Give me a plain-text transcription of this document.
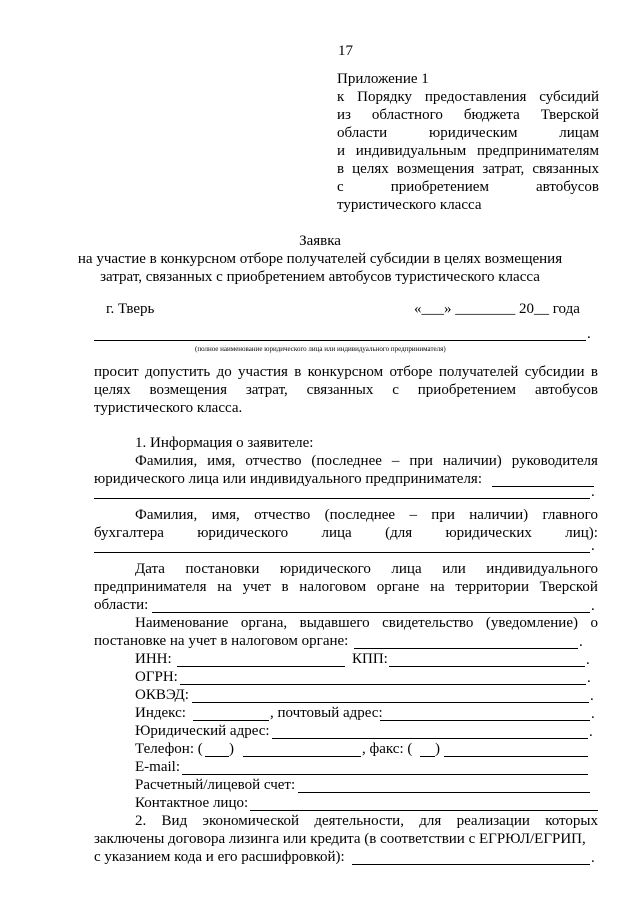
17
Приложение 1
к Порядку предоставления субсидий
из областного бюджета Тверской
области	юридическим	лицам
и индивидуальным предпринимателям
в целях возмещения затрат, связанных
с	приобретением	автобусов
туристического класса
Заявка
на участие в конкурсном отборе получателей субсидии в целях возмещения
затрат, связанных с приобретением автобусов туристического класса
г. Тверь	«___» ________ 20__ года
.
(полное наименование юридического лица или индивидуального предпринимателя)
просит допустить до участия в конкурсном отборе получателей субсидии в
целях возмещения затрат, связанных с приобретением автобусов
туристического класса.
1. Информация о заявителе:
Фамилия, имя, отчество (последнее – при наличии) руководителя
юридического лица или индивидуального предпринимателя:
.
Фамилия, имя, отчество (последнее – при наличии) главного
бухгалтера юридического лица (для юридических лиц):
.
Дата постановки юридического лица или индивидуального
предпринимателя на учет в налоговом органе на территории Тверской
области:	.
Наименование органа, выдавшего свидетельство (уведомление) о
постановке на учет в налоговом органе:	.
ИНН:	КПП:	.
ОГРН:	.
ОКВЭД:	.
Индекс:	, почтовый адрес:	.
Юридический адрес:	.
Телефон: ( )	, факс: ( )
E-mail:
Расчетный/лицевой счет:
Контактное лицо:
2. Вид экономической деятельности, для реализации которых
заключены договора лизинга или кредита (в соответствии с ЕГРЮЛ/ЕГРИП,
с указанием кода и его расшифровкой):	.
